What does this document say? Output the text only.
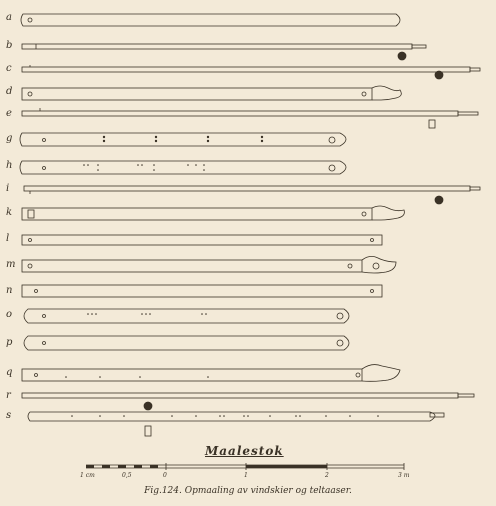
a
b
c
d
e
g
h
i
k
l
m
n
o
p
q
r
s
Maalestok
1 cm	0,5	0	1	2	3 m
Fig.124. Opmaaling av vindskier og teltaaser.
